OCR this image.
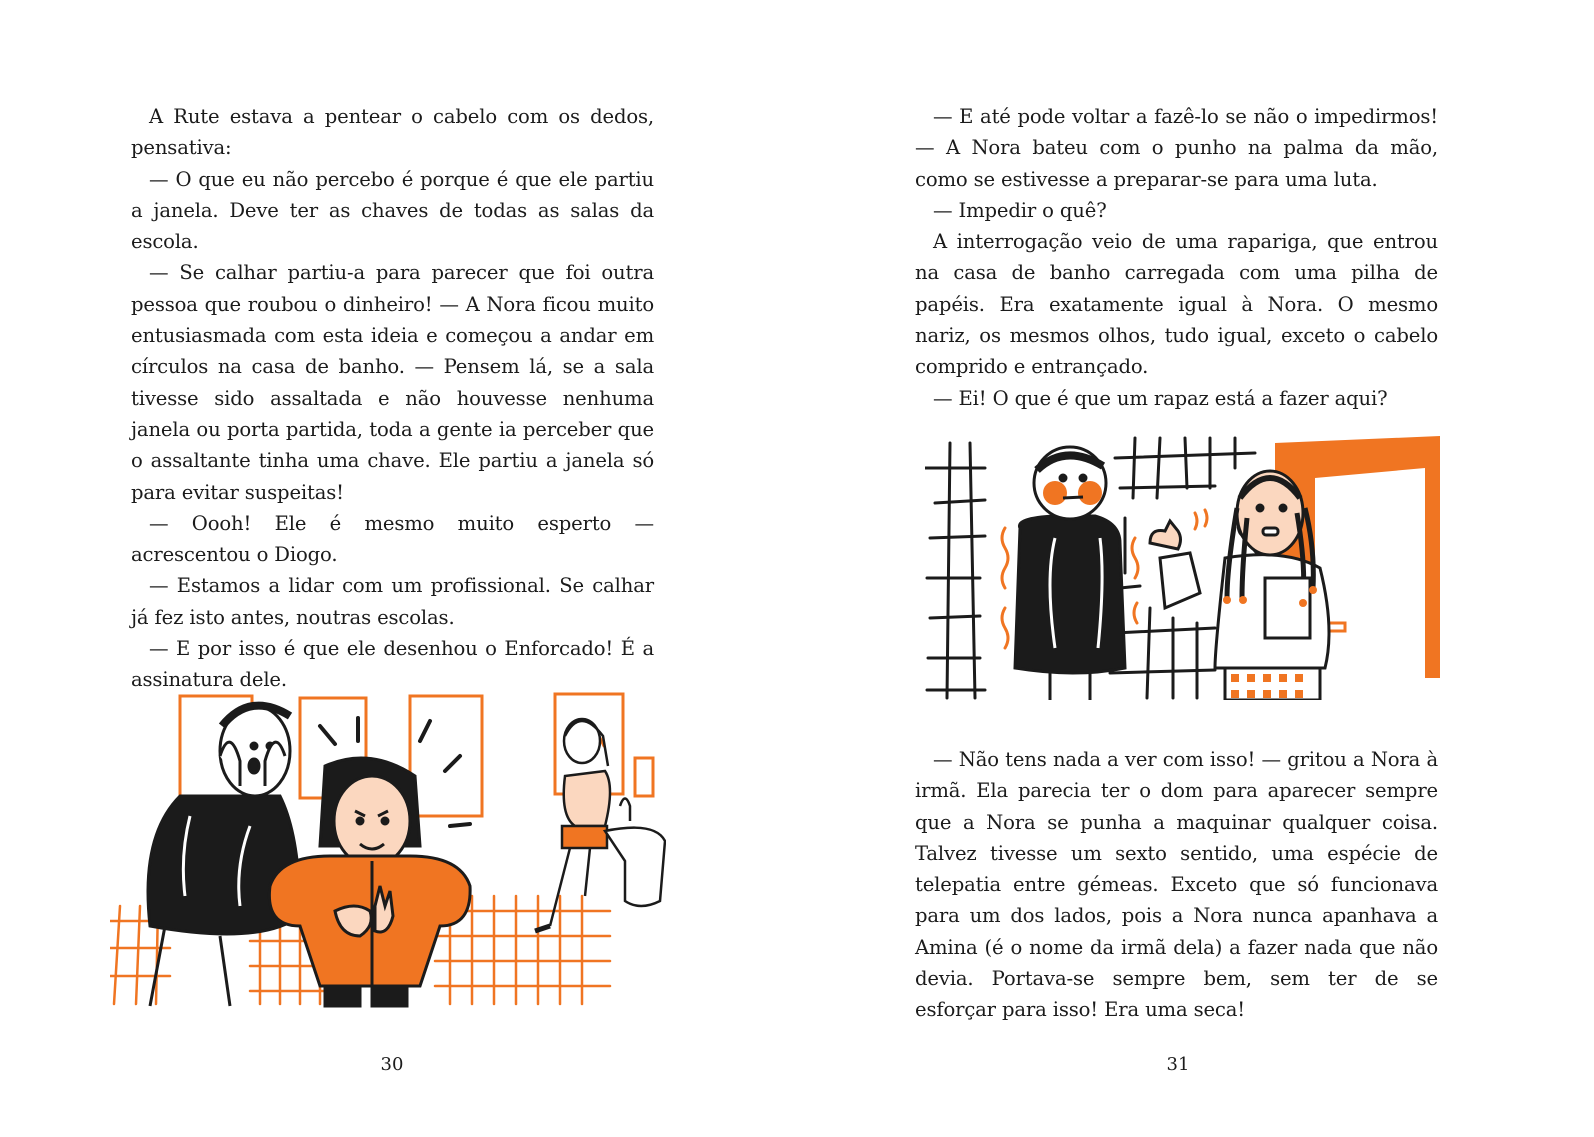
A Rute estava a pentear o cabelo com os dedos, pensativa:

— O que eu não percebo é porque é que ele partiu a janela. Deve ter as chaves de todas as salas da escola.

— Se calhar partiu-a para parecer que foi outra pessoa que roubou o dinheiro! — A Nora ficou muito entusiasmada com esta ideia e começou a andar em círculos na casa de banho. — Pensem lá, se a sala tivesse sido assaltada e não houvesse nenhuma janela ou porta partida, toda a gente ia perceber que o assaltante tinha uma chave. Ele partiu a janela só para evitar suspeitas!

— Oooh! Ele é mesmo muito esperto — acrescentou o Diogo.

— Estamos a lidar com um profissional. Se calhar já fez isto antes, noutras escolas.

— E por isso é que ele desenhou o Enforcado! É a assinatura dele.

30

— E até pode voltar a fazê-lo se não o impedirmos! — A Nora bateu com o punho na palma da mão, como se estivesse a preparar-se para uma luta.

— Impedir o quê?

A interrogação veio de uma rapariga, que entrou na casa de banho carregada com uma pilha de papéis. Era exatamente igual à Nora. O mesmo nariz, os mesmos olhos, tudo igual, exceto o cabelo comprido e entrançado.

— Ei! O que é que um rapaz está a fazer aqui?

— Não tens nada a ver com isso! — gritou a Nora à irmã. Ela parecia ter o dom para aparecer sempre que a Nora se punha a maquinar qualquer coisa. Talvez tivesse um sexto sentido, uma espécie de telepatia entre gémeas. Exceto que só funcionava para um dos lados, pois a Nora nunca apanhava a Amina (é o nome da irmã dela) a fazer nada que não devia. Portava-se sempre bem, sem ter de se esforçar para isso! Era uma seca!

31
